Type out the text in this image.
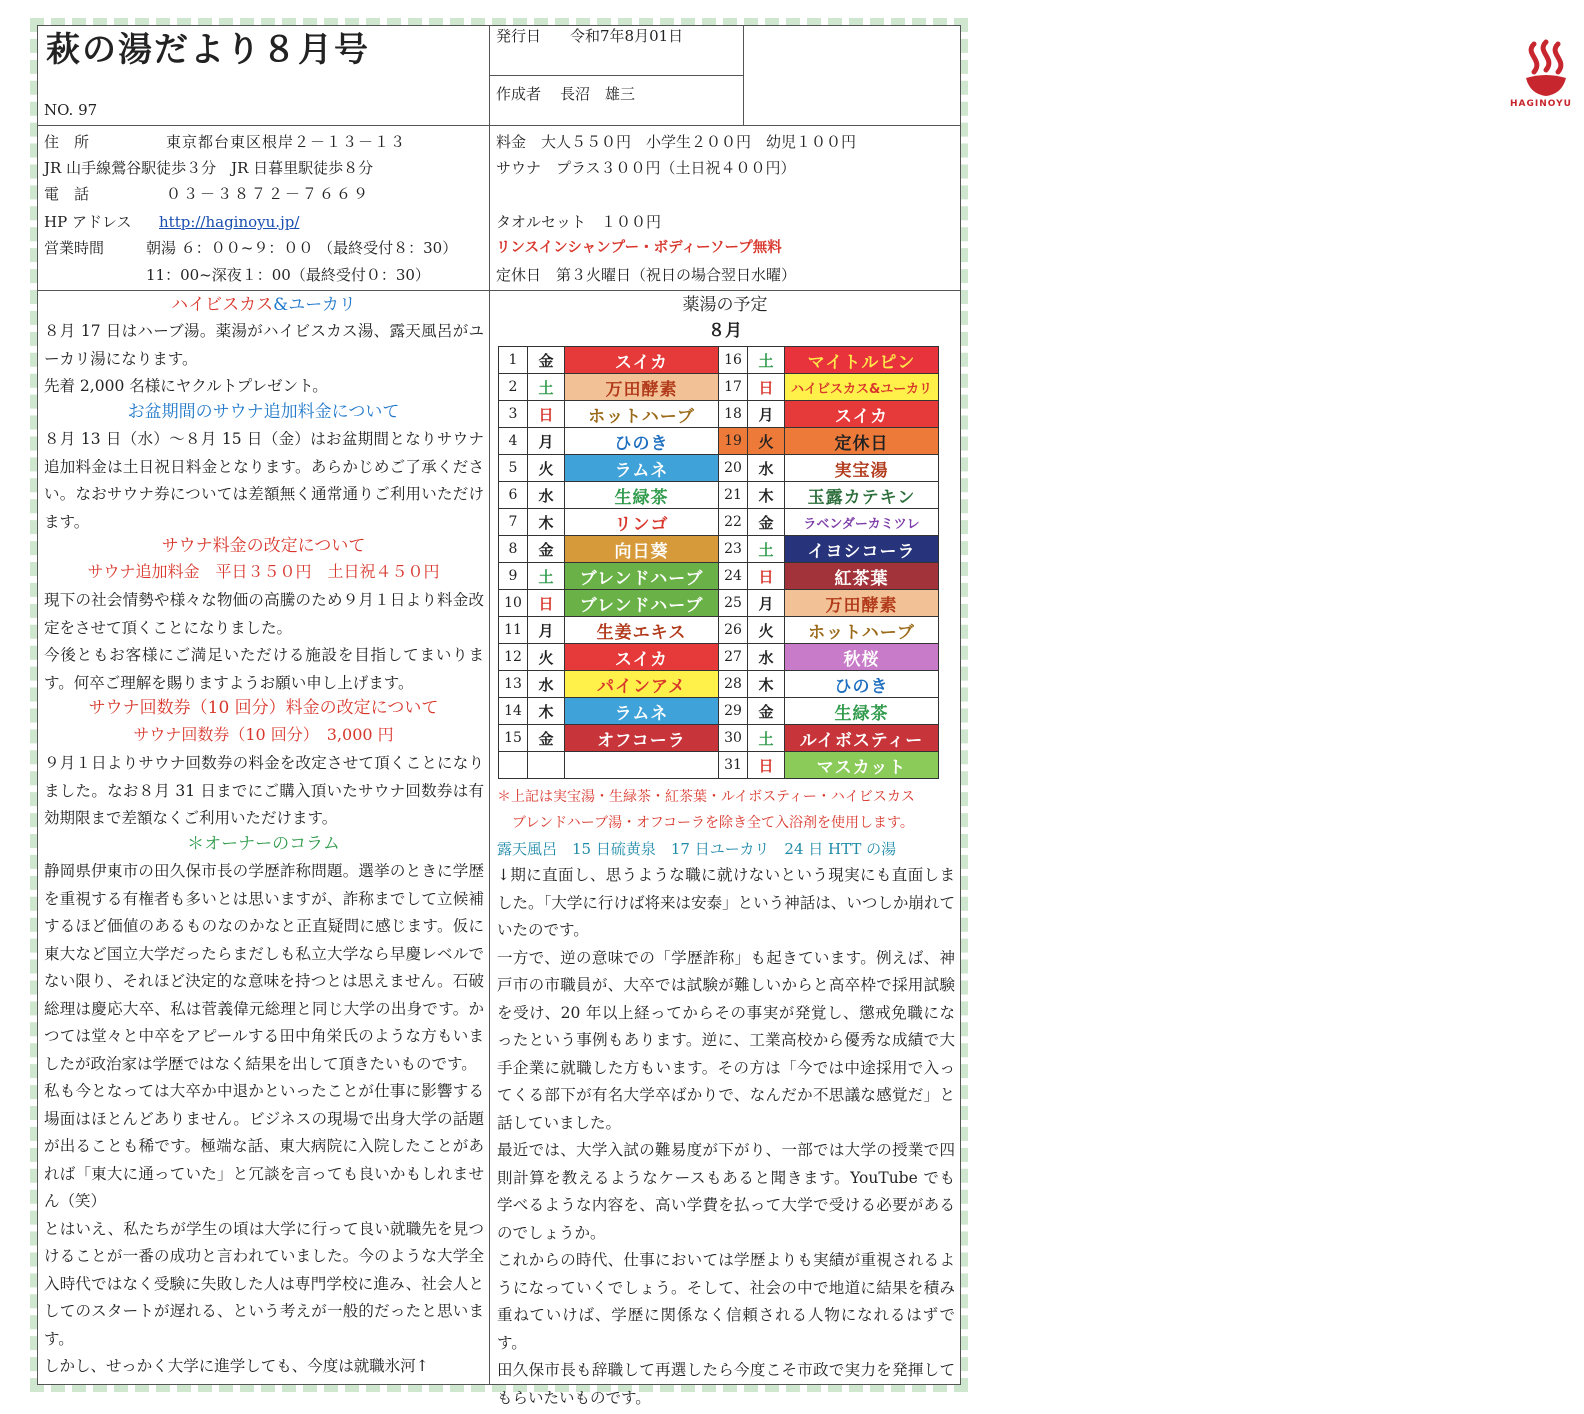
萩の湯だより８月号
NO. 97
発行日 令和7年8月01日
作成者 長沼　雄三
HAGINOYU
住　所	東京都台東区根岸２－１３－１３
JR 山手線鶯谷駅徒歩３分　JR 日暮里駅徒歩８分
電　話	０３－３８７２－７６６９
HP アドレス http://haginoyu.jp/
営業時間	朝湯 ６：００~９：００ （最終受付８：30）
11：00~深夜１：00（最終受付０：30）
料金　大人５５０円　小学生２００円　幼児１００円
サウナ　プラス３００円（土日祝４００円）
タオルセット　１００円
リンスインシャンプー・ボディーソープ無料
定休日　第３火曜日（祝日の場合翌日水曜）
ハイビスカス&ユーカリ

８月 17 日はハーブ湯。薬湯がハイビスカス湯、露天風呂がユーカリ湯になります。

先着 2,000 名様にヤクルトプレゼント。

お盆期間のサウナ追加料金について
８月 13 日（水）～８月 15 日（金）はお盆期間となりサウナ追加料金は土日祝日料金となります。あらかじめご了承ください。なおサウナ券については差額無く通常通りご利用いただけます。
サウナ料金の改定について
サウナ追加料金　平日３５０円　土日祝４５０円

現下の社会情勢や様々な物価の高騰のため９月１日より料金改定をさせて頂くことになりました。

今後ともお客様にご満足いただける施設を目指してまいります。何卒ご理解を賜りますようお願い申し上げます。

サウナ回数券（10 回分）料金の改定について
サウナ回数券（10 回分）　3,000 円
９月１日よりサウナ回数券の料金を改定させて頂くことになりました。なお８月 31 日までにご購入頂いたサウナ回数券は有効期限まで差額なくご利用いただけます。
＊オーナーのコラム

静岡県伊東市の田久保市長の学歴詐称問題。選挙のときに学歴を重視する有権者も多いとは思いますが、詐称までして立候補するほど価値のあるものなのかなと正直疑問に感じます。仮に東大など国立大学だったらまだしも私立大学なら早慶レベルでない限り、それほど決定的な意味を持つとは思えません。石破総理は慶応大卒、私は菅義偉元総理と同じ大学の出身です。かつては堂々と中卒をアピールする田中角栄氏のような方もいましたが政治家は学歴ではなく結果を出して頂きたいものです。

私も今となっては大卒か中退かといったことが仕事に影響する場面はほとんどありません。ビジネスの現場で出身大学の話題が出ることも稀です。極端な話、東大病院に入院したことがあれば「東大に通っていた」と冗談を言っても良いかもしれません（笑）

とはいえ、私たちが学生の頃は大学に行って良い就職先を見つけることが一番の成功と言われていました。今のような大学全入時代ではなく受験に失敗した人は専門学校に進み、社会人としてのスタートが遅れる、という考えが一般的だったと思います。

しかし、せっかく大学に進学しても、今度は就職氷河↑

薬湯の予定
８月
1	金	スイカ	16	土	マイトルピン
2	土	万田酵素	17	日	ハイビスカス&ユーカリ
3	日	ホットハーブ	18	月	スイカ
4	月	ひのき	19	火	定休日
5	火	ラムネ	20	水	実宝湯
6	水	生緑茶	21	木	玉露カテキン
7	木	リンゴ	22	金	ラベンダーカミツレ
8	金	向日葵	23	土	イヨシコーラ
9	土	ブレンドハーブ	24	日	紅茶葉
10	日	ブレンドハーブ	25	月	万田酵素
11	月	生姜エキス	26	火	ホットハーブ
12	火	スイカ	27	水	秋桜
13	水	パインアメ	28	木	ひのき
14	木	ラムネ	29	金	生緑茶
15	金	オフコーラ	30	土	ルイボスティー
			31	日	マスカット
＊上記は実宝湯・生緑茶・紅茶葉・ルイボスティー・ハイビスカス
ブレンドハーブ湯・オフコーラを除き全て入浴剤を使用します。
露天風呂　15 日硫黄泉　17 日ユーカリ　24 日 HTT の湯

↓期に直面し、思うような職に就けないという現実にも直面しました。「大学に行けば将来は安泰」という神話は、いつしか崩れていたのです。

一方で、逆の意味での「学歴詐称」も起きています。例えば、神戸市の市職員が、大卒では試験が難しいからと高卒枠で採用試験を受け、20 年以上経ってからその事実が発覚し、懲戒免職になったという事例もあります。逆に、工業高校から優秀な成績で大手企業に就職した方もいます。その方は「今では中途採用で入ってくる部下が有名大学卒ばかりで、なんだか不思議な感覚だ」と話していました。

最近では、大学入試の難易度が下がり、一部では大学の授業で四則計算を教えるようなケースもあると聞きます。YouTube でも学べるような内容を、高い学費を払って大学で受ける必要があるのでしょうか。

これからの時代、仕事においては学歴よりも実績が重視されるようになっていくでしょう。そして、社会の中で地道に結果を積み重ねていけば、学歴に関係なく信頼される人物になれるはずです。

田久保市長も辞職して再選したら今度こそ市政で実力を発揮してもらいたいものです。
